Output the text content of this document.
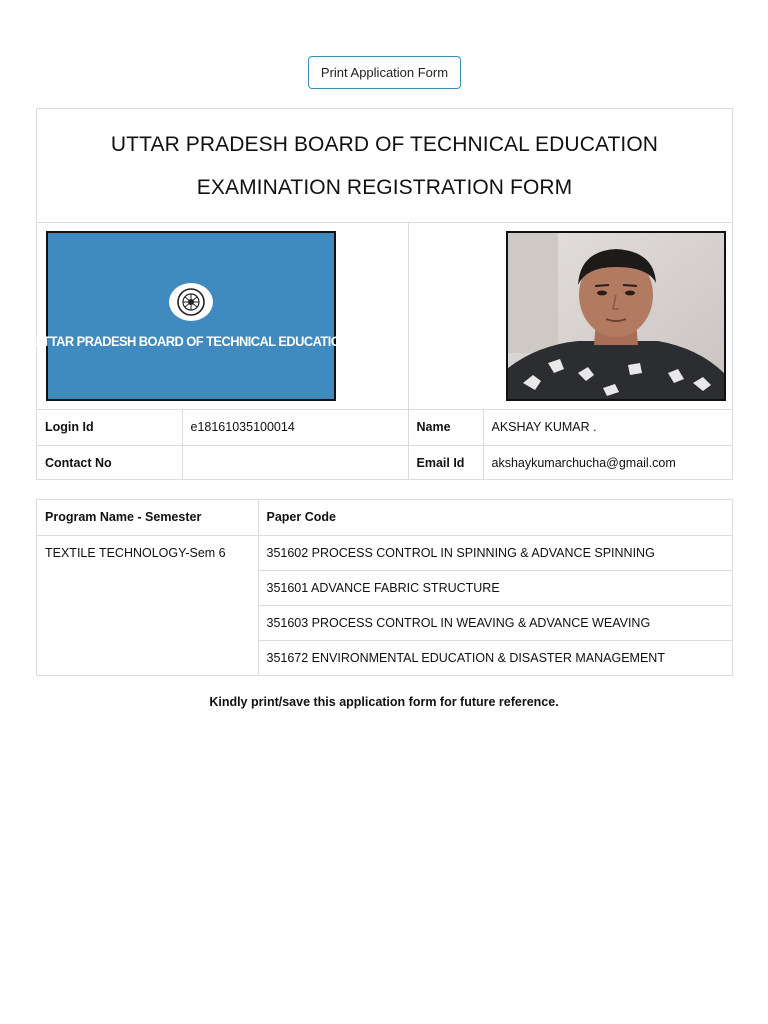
Print Application Form
UTTAR PRADESH BOARD OF TECHNICAL EDUCATION
EXAMINATION REGISTRATION FORM
UTTAR PRADESH BOARD OF TECHNICAL EDUCATION
Login Id	e18161035100014	Name	AKSHAY KUMAR .
Contact No		Email Id	akshaykumarchucha@gmail.com
Program Name - Semester	Paper Code
TEXTILE TECHNOLOGY-Sem 6	351602 PROCESS CONTROL IN SPINNING & ADVANCE SPINNING
	351601 ADVANCE FABRIC STRUCTURE
	351603 PROCESS CONTROL IN WEAVING & ADVANCE WEAVING
	351672 ENVIRONMENTAL EDUCATION & DISASTER MANAGEMENT
Kindly print/save this application form for future reference.
